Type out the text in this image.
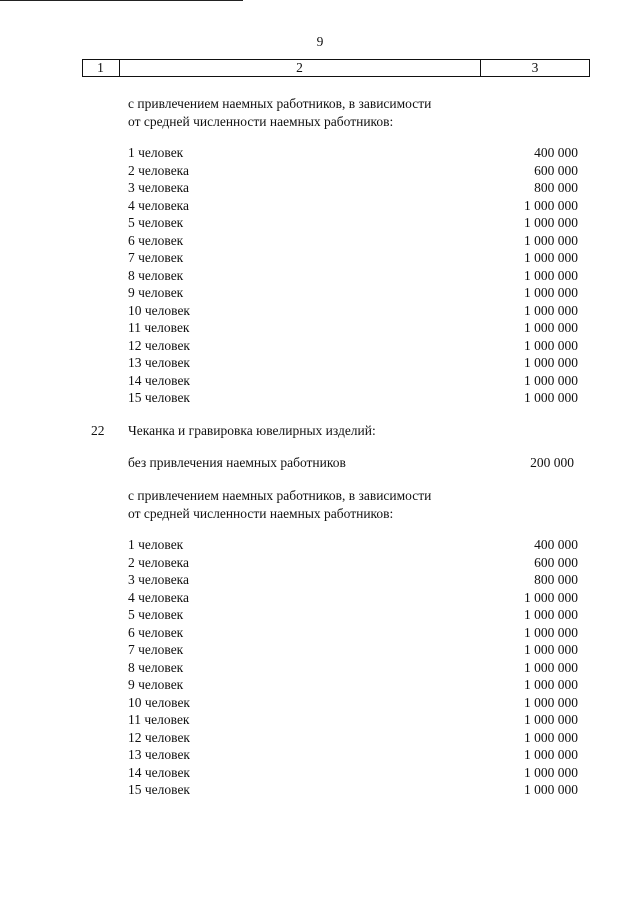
9
1	2	3
с привлечением наемных работников, в зависимости
от средней численности наемных работников:
1 человек	400 000
2 человека	600 000
3 человека	800 000
4 человека	1 000 000
5 человек	1 000 000
6 человек	1 000 000
7 человек	1 000 000
8 человек	1 000 000
9 человек	1 000 000
10 человек	1 000 000
11 человек	1 000 000
12 человек	1 000 000
13 человек	1 000 000
14 человек	1 000 000
15 человек	1 000 000
22 Чеканка и гравировка ювелирных изделий:
без привлечения наемных работников	200 000
с привлечением наемных работников, в зависимости
от средней численности наемных работников:
1 человек	400 000
2 человека	600 000
3 человека	800 000
4 человека	1 000 000
5 человек	1 000 000
6 человек	1 000 000
7 человек	1 000 000
8 человек	1 000 000
9 человек	1 000 000
10 человек	1 000 000
11 человек	1 000 000
12 человек	1 000 000
13 человек	1 000 000
14 человек	1 000 000
15 человек	1 000 000
